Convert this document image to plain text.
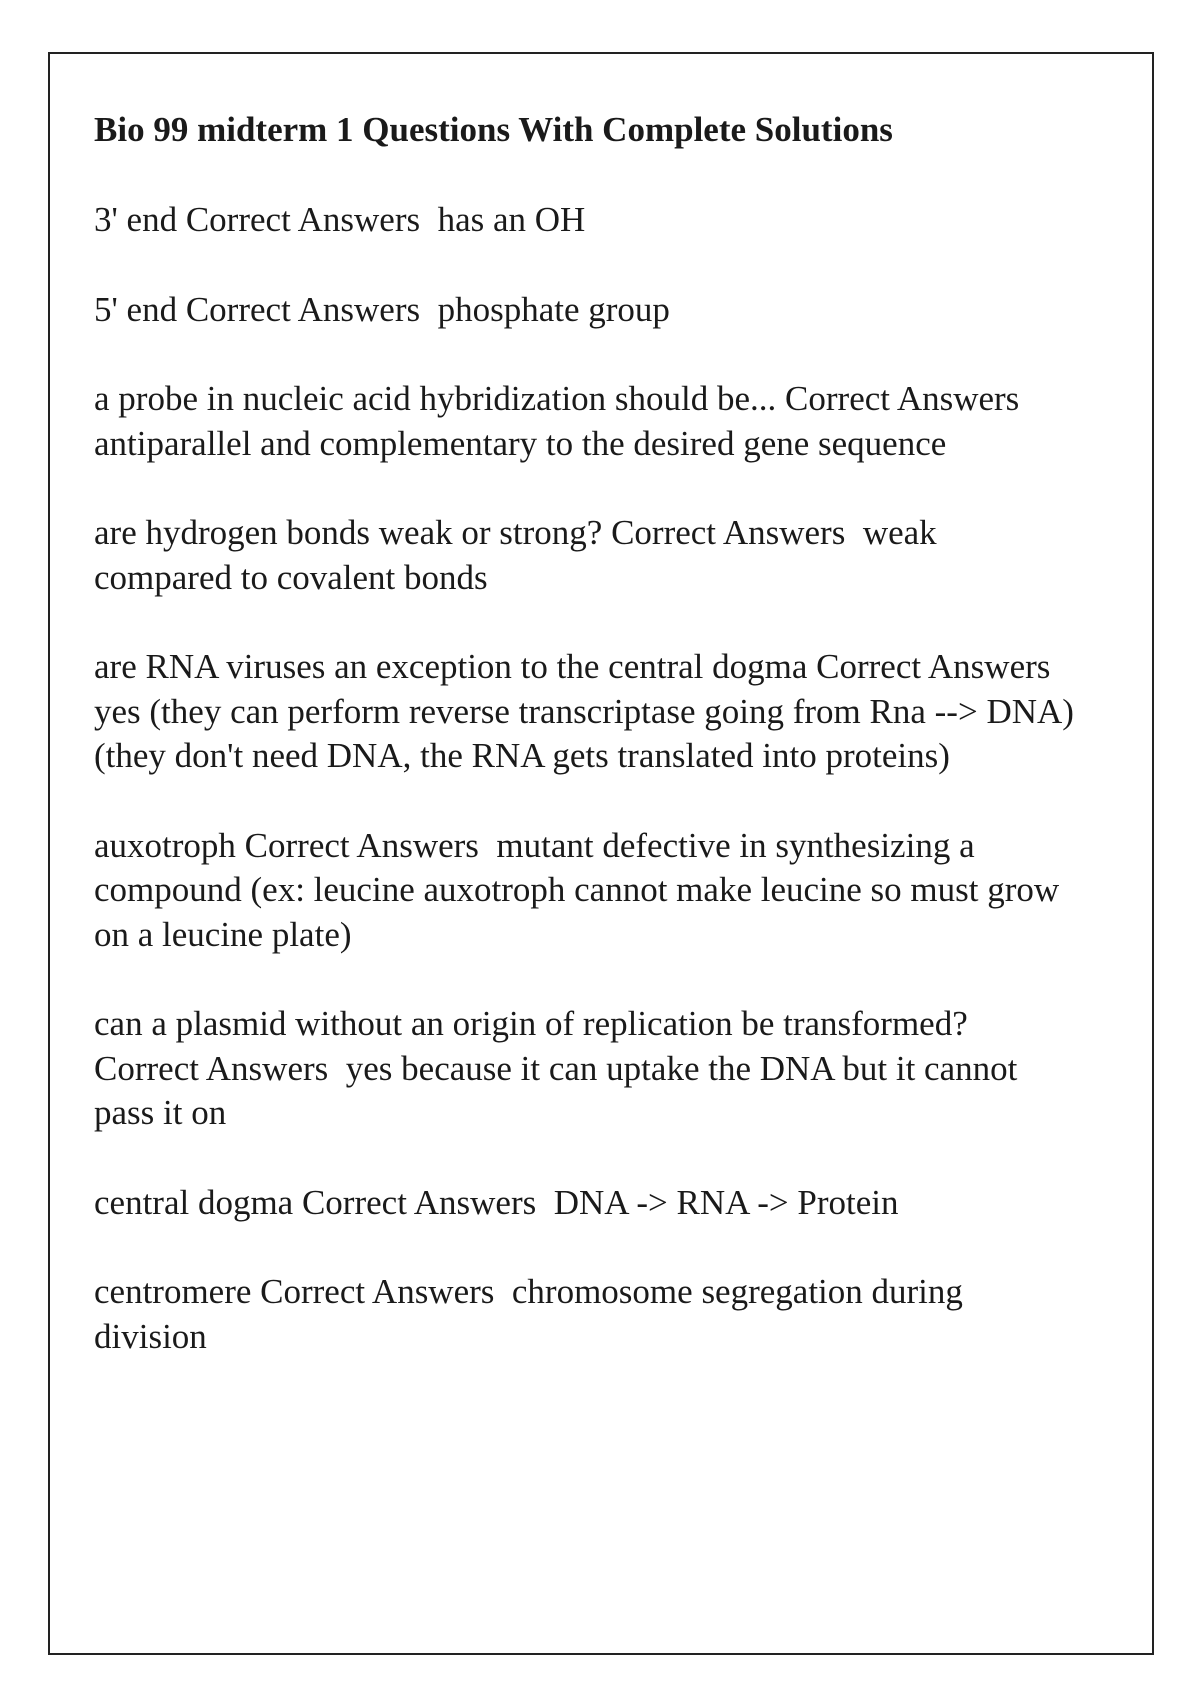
Bio 99 midterm 1 Questions With Complete Solutions
3' end Correct Answers  has an OH
5' end Correct Answers  phosphate group
a probe in nucleic acid hybridization should be... Correct Answers  antiparallel and complementary to the desired gene sequence
are hydrogen bonds weak or strong? Correct Answers  weak compared to covalent bonds
are RNA viruses an exception to the central dogma Correct Answers  yes (they can perform reverse transcriptase going from Rna --> DNA) (they don't need DNA, the RNA gets translated into proteins)
auxotroph Correct Answers  mutant defective in synthesizing a compound (ex: leucine auxotroph cannot make leucine so must grow on a leucine plate)
can a plasmid without an origin of replication be transformed? Correct Answers  yes because it can uptake the DNA but it cannot pass it on
central dogma Correct Answers  DNA -> RNA -> Protein
centromere Correct Answers  chromosome segregation during division
